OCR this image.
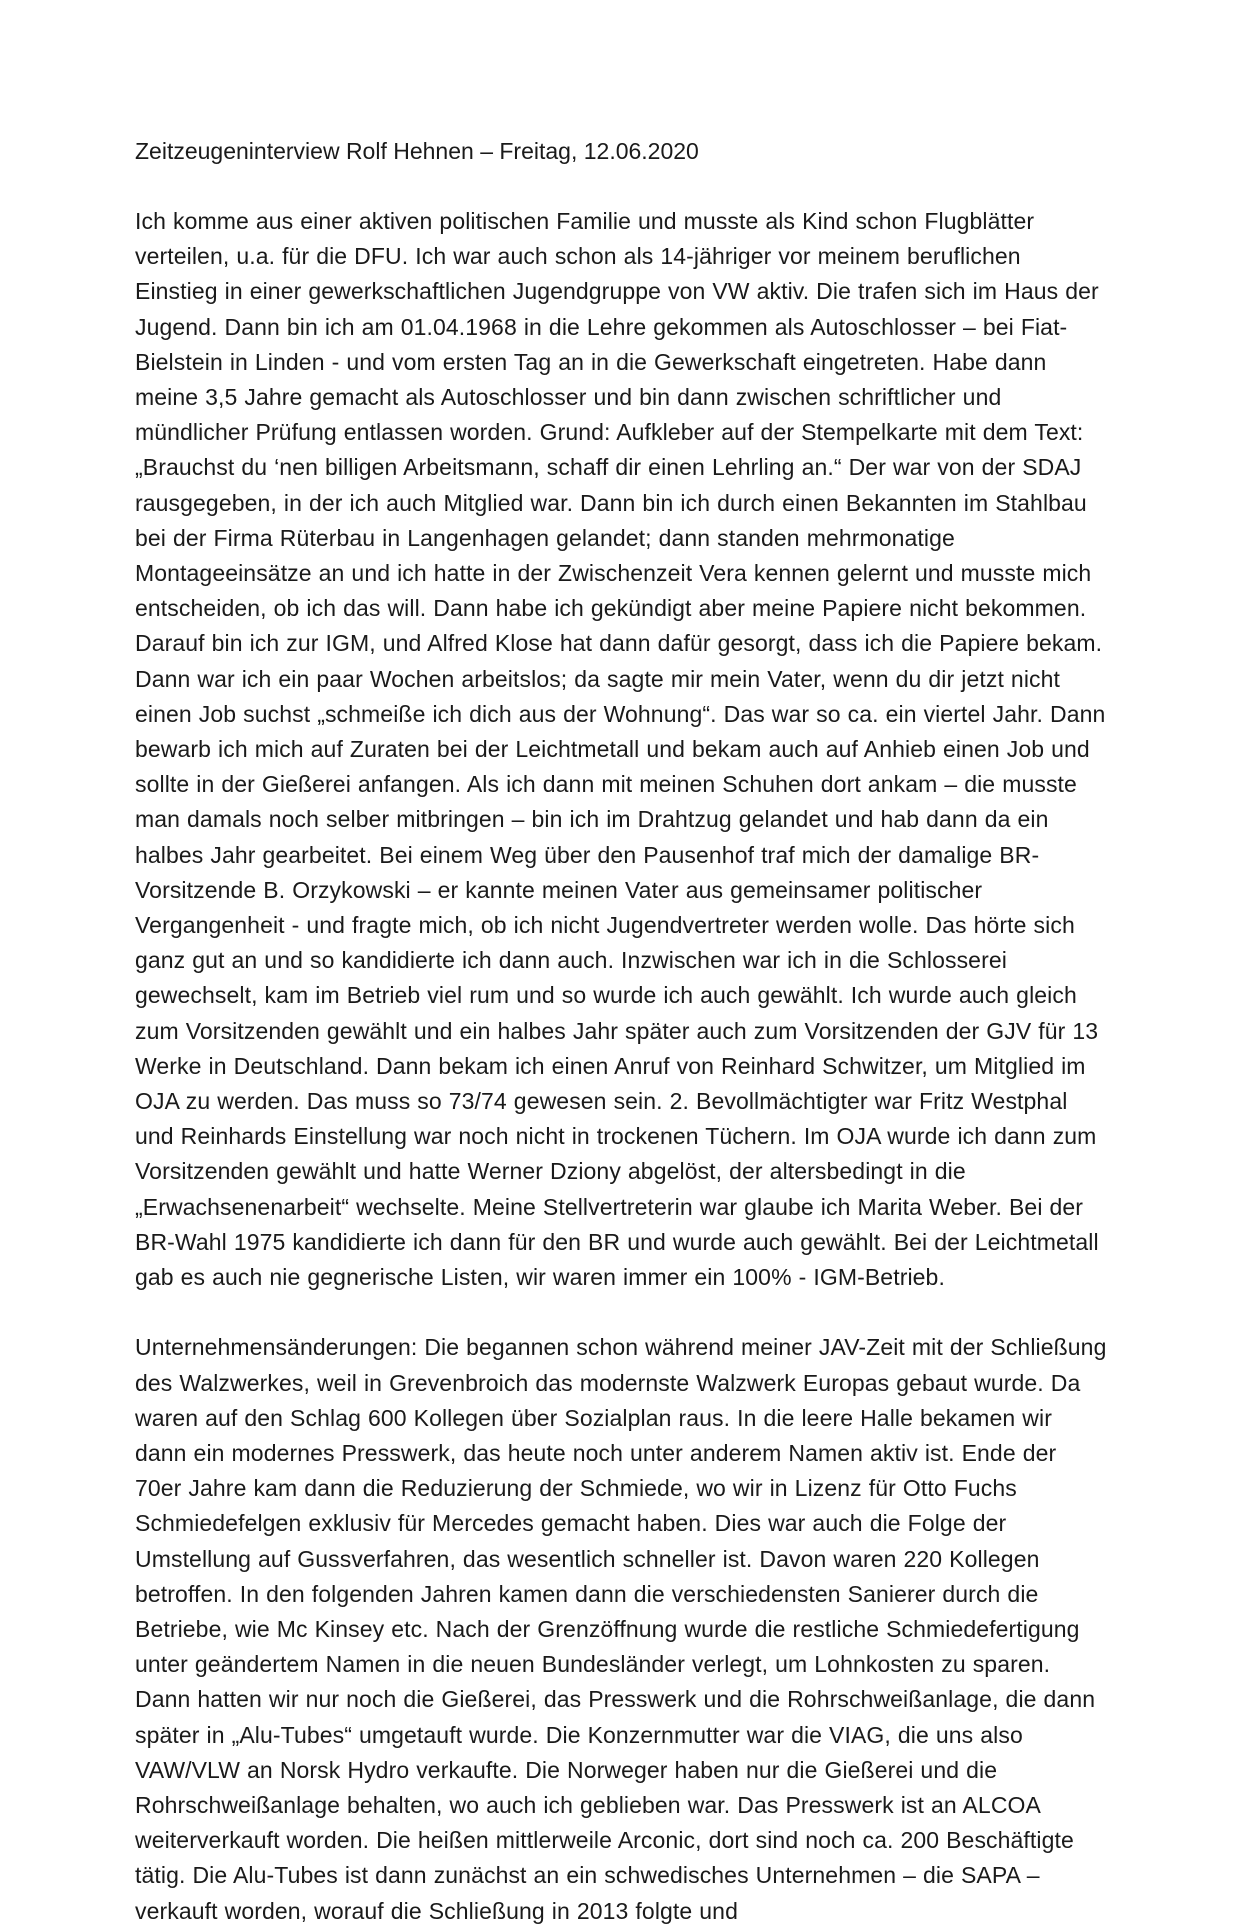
Zeitzeugeninterview Rolf Hehnen – Freitag, 12.06.2020

Ich komme aus einer aktiven politischen Familie und musste als Kind schon Flugblätter verteilen, u.a. für die DFU. Ich war auch schon als 14-jähriger vor meinem beruflichen Einstieg in einer gewerkschaftlichen Jugendgruppe von VW aktiv. Die trafen sich im Haus der Jugend. Dann bin ich am 01.04.1968 in die Lehre gekommen als Autoschlosser – bei Fiat-Bielstein in Linden - und vom ersten Tag an in die Gewerkschaft eingetreten. Habe dann meine 3,5 Jahre gemacht als Autoschlosser und bin dann zwischen schriftlicher und mündlicher Prüfung entlassen worden. Grund: Aufkleber auf der Stempelkarte mit dem Text: „Brauchst du ‘nen billigen Arbeitsmann, schaff dir einen Lehrling an.“ Der war von der SDAJ rausgegeben, in der ich auch Mitglied war. Dann bin ich durch einen Bekannten im Stahlbau bei der Firma Rüterbau in Langenhagen gelandet; dann standen mehrmonatige Montageeinsätze an und ich hatte in der Zwischenzeit Vera kennen gelernt und musste mich entscheiden, ob ich das will. Dann habe ich gekündigt aber meine Papiere nicht bekommen. Darauf bin ich zur IGM, und Alfred Klose hat dann dafür gesorgt, dass ich die Papiere bekam. Dann war ich ein paar Wochen arbeitslos; da sagte mir mein Vater, wenn du dir jetzt nicht einen Job suchst „schmeiße ich dich aus der Wohnung“. Das war so ca. ein viertel Jahr. Dann bewarb ich mich auf Zuraten bei der Leichtmetall und bekam auch auf Anhieb einen Job und sollte in der Gießerei anfangen. Als ich dann mit meinen Schuhen dort ankam – die musste man damals noch selber mitbringen – bin ich im Drahtzug gelandet und hab dann da ein halbes Jahr gearbeitet. Bei einem Weg über den Pausenhof traf mich der damalige BR-Vorsitzende B. Orzykowski – er kannte meinen Vater aus gemeinsamer politischer Vergangenheit - und fragte mich, ob ich nicht Jugendvertreter werden wolle. Das hörte sich ganz gut an und so kandidierte ich dann auch. Inzwischen war ich in die Schlosserei gewechselt, kam im Betrieb viel rum und so wurde ich auch gewählt. Ich wurde auch gleich zum Vorsitzenden gewählt und ein halbes Jahr später auch zum Vorsitzenden der GJV für 13 Werke in Deutschland. Dann bekam ich einen Anruf von Reinhard Schwitzer, um Mitglied im OJA zu werden. Das muss so 73/74 gewesen sein. 2. Bevollmächtigter war Fritz Westphal und Reinhards Einstellung war noch nicht in trockenen Tüchern. Im OJA wurde ich dann zum Vorsitzenden gewählt und hatte Werner Dziony abgelöst, der altersbedingt in die „Erwachsenenarbeit“ wechselte. Meine Stellvertreterin war glaube ich Marita Weber. Bei der BR-Wahl 1975 kandidierte ich dann für den BR und wurde auch gewählt. Bei der Leichtmetall gab es auch nie gegnerische Listen, wir waren immer ein 100% - IGM-Betrieb.

Unternehmensänderungen: Die begannen schon während meiner JAV-Zeit mit der Schließung des Walzwerkes, weil in Grevenbroich das modernste Walzwerk Europas gebaut wurde. Da waren auf den Schlag 600 Kollegen über Sozialplan raus. In die leere Halle bekamen wir dann ein modernes Presswerk, das heute noch unter anderem Namen aktiv ist. Ende der 70er Jahre kam dann die Reduzierung der Schmiede, wo wir in Lizenz für Otto Fuchs Schmiedefelgen exklusiv für Mercedes gemacht haben. Dies war auch die Folge der Umstellung auf Gussverfahren, das wesentlich schneller ist. Davon waren 220 Kollegen betroffen. In den folgenden Jahren kamen dann die verschiedensten Sanierer durch die Betriebe, wie Mc Kinsey etc. Nach der Grenzöffnung wurde die restliche Schmiedefertigung unter geändertem Namen in die neuen Bundesländer verlegt, um Lohnkosten zu sparen. Dann hatten wir nur noch die Gießerei, das Presswerk und die Rohrschweißanlage, die dann später in „Alu-Tubes“ umgetauft wurde. Die Konzernmutter war die VIAG, die uns also VAW/VLW an Norsk Hydro verkaufte. Die Norweger haben nur die Gießerei und die Rohrschweißanlage behalten, wo auch ich geblieben war. Das Presswerk ist an ALCOA weiterverkauft worden. Die heißen mittlerweile Arconic, dort sind noch ca. 200 Beschäftigte tätig. Die Alu-Tubes ist dann zunächst an ein schwedisches Unternehmen – die SAPA – verkauft worden, worauf die Schließung in 2013 folgte und
